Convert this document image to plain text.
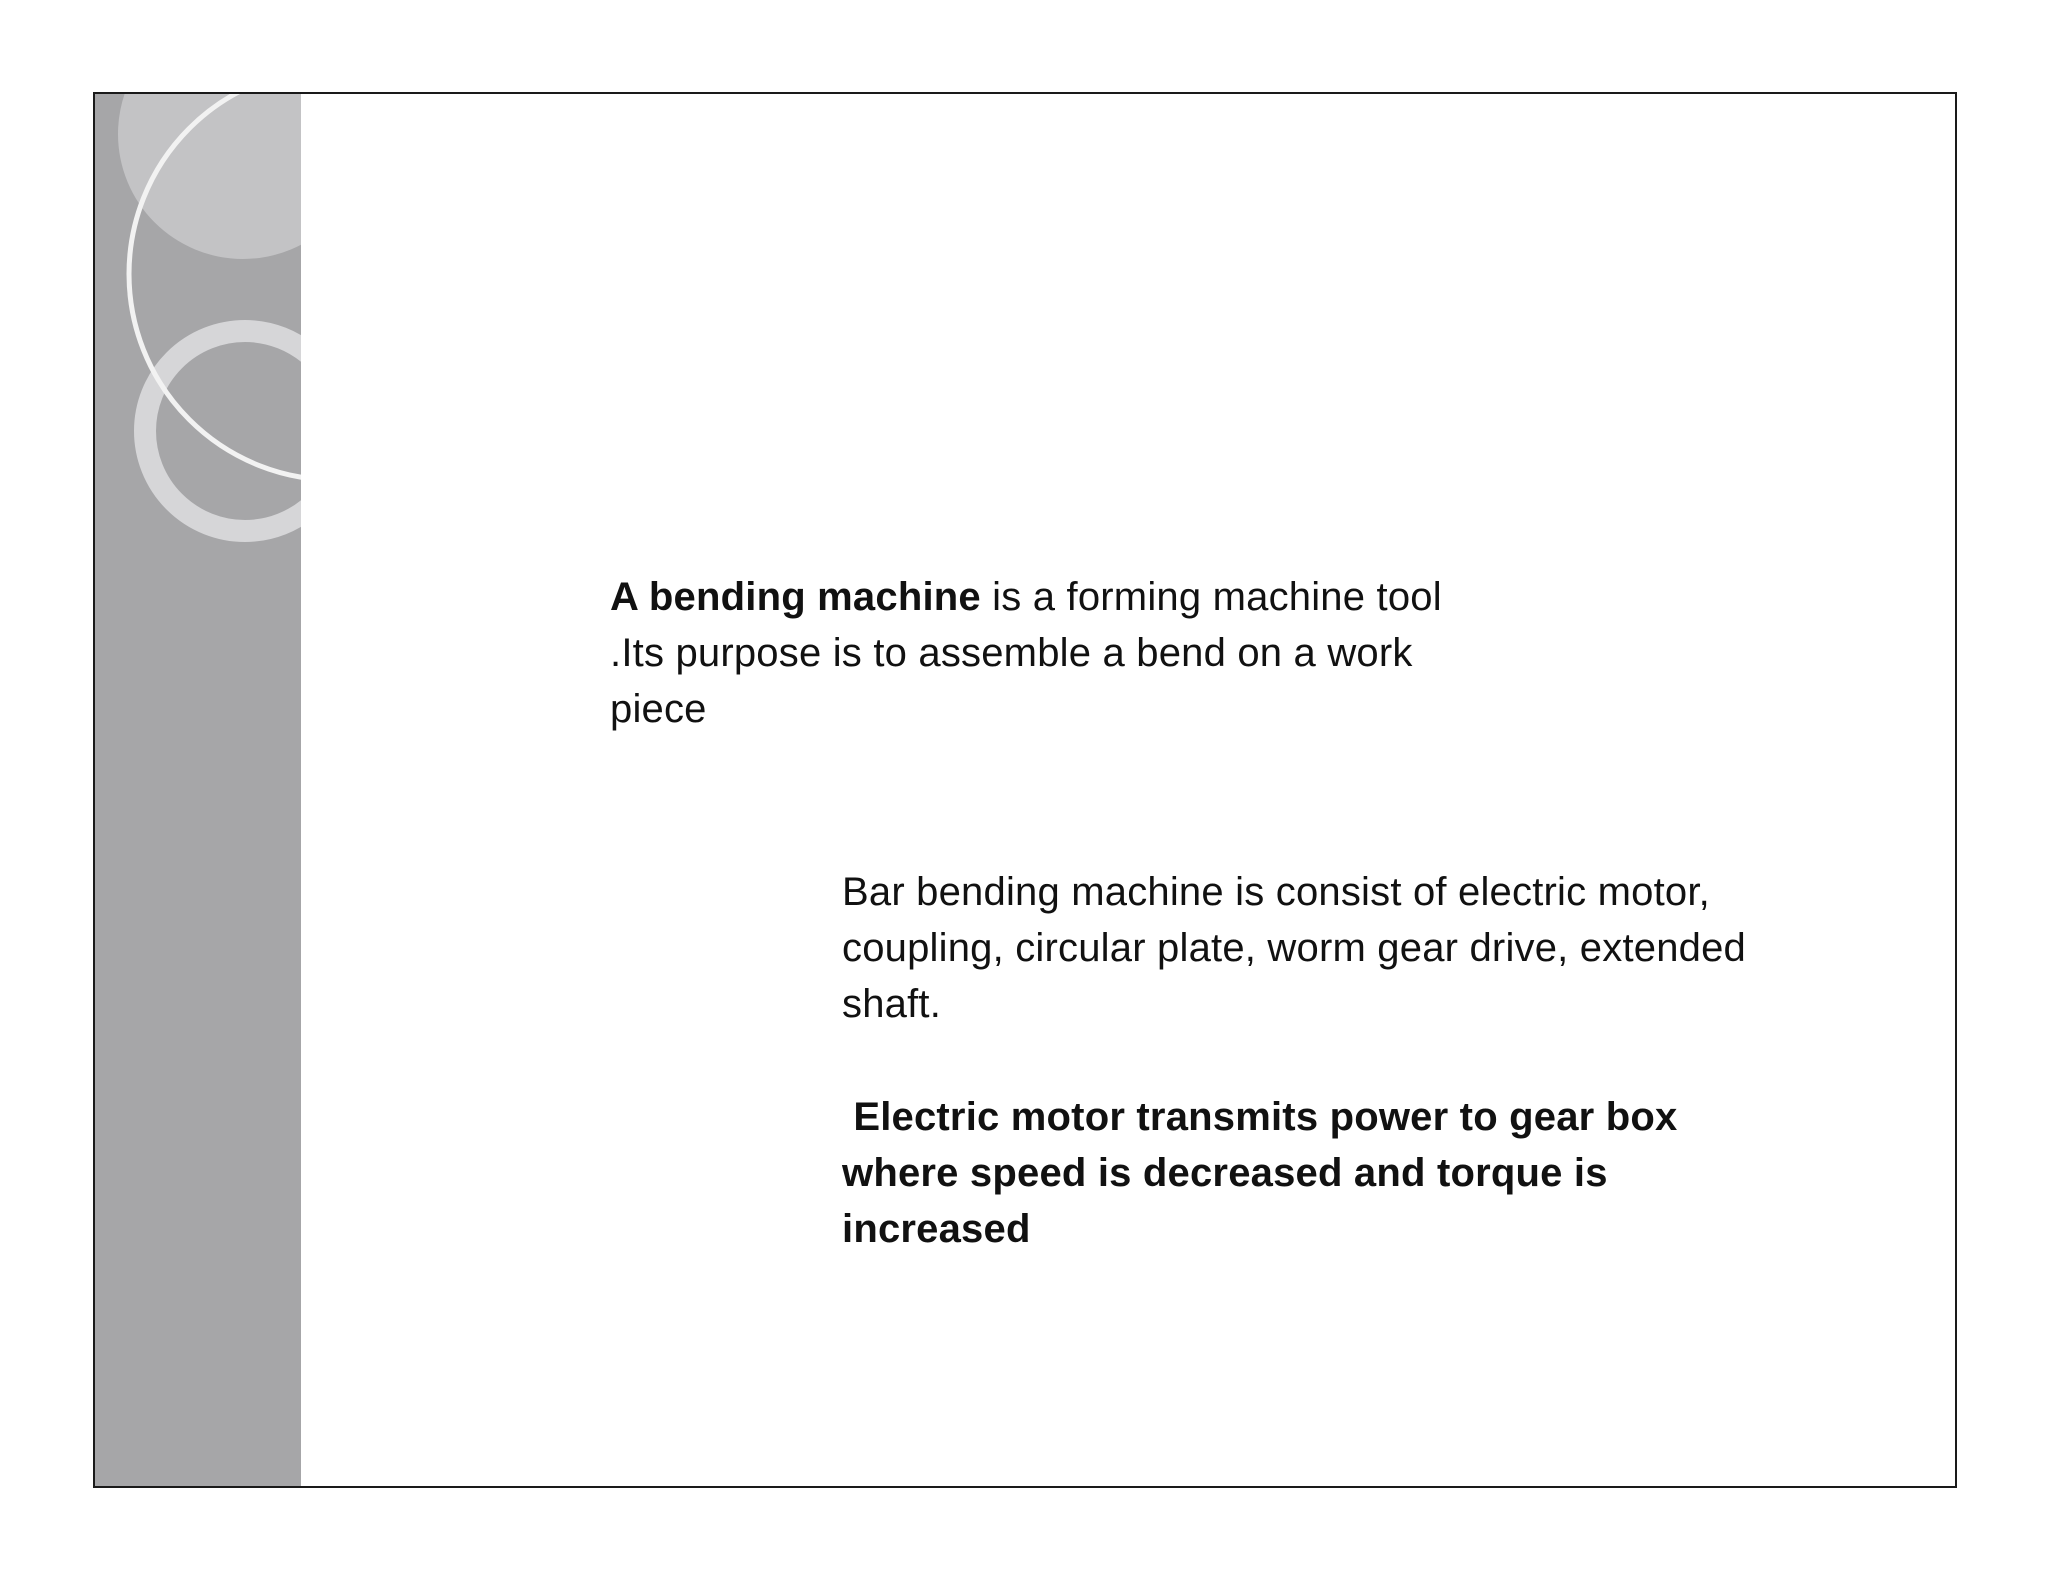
A bending machine is a forming machine tool .Its purpose is to assemble a bend on a work piece
Bar bending machine is consist of electric motor, coupling, circular plate, worm gear drive, extended shaft.
Electric motor transmits power to gear box where speed is decreased and torque is increased
